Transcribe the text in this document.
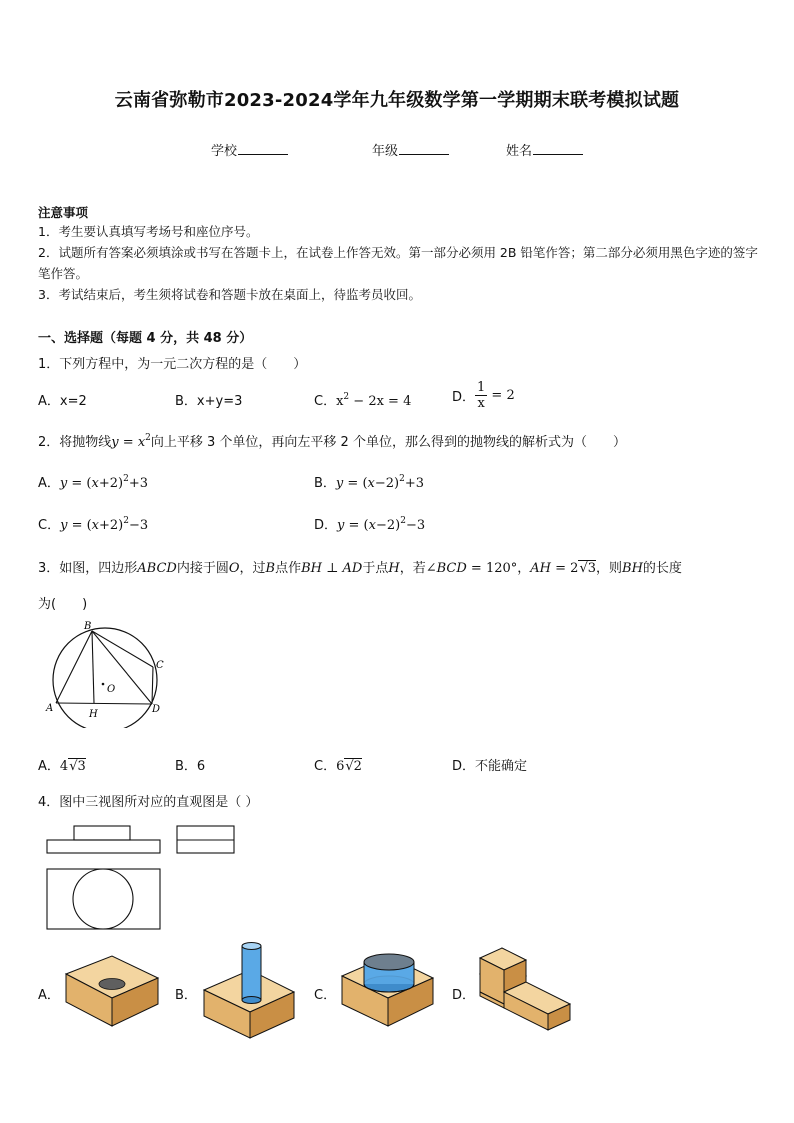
云南省弥勒市2023-2024学年九年级数学第一学期期末联考模拟试题
学校	年级	姓名
注意事项
1．考生要认真填写考场号和座位序号。
2．试题所有答案必须填涂或书写在答题卡上，在试卷上作答无效。第一部分必须用 2B 铅笔作答；第二部分必须用黑色字迹的签字笔作答。
3．考试结束后，考生须将试卷和答题卡放在桌面上，待监考员收回。
一、选择题（每题 4 分，共 48 分）
1．下列方程中，为一元二次方程的是（　　）
A．x=2	B．x+y=3	C．$x^2 - 2x = 4$	D． $\frac{1}{x} = 2$
2．将抛物线$y = x^2$向上平移 3 个单位，再向左平移 2 个单位，那么得到的抛物线的解析式为（　　）
A．$y = (x+2)^2+3$	B．$y = (x-2)^2+3$
C．$y = (x+2)^2-3$	D．$y = (x-2)^2-3$
3．如图，四边形ABCD内接于圆O，过B点作BH ⊥ AD于点H，若∠BCD = 120°，AH = 2√3，则BH的长度
为(　　)
B
C
D
A
H
O
A．4√3	B．6	C．6√2	D．不能确定
4．图中三视图所对应的直观图是（ ）
A．	B．	C．	D．
